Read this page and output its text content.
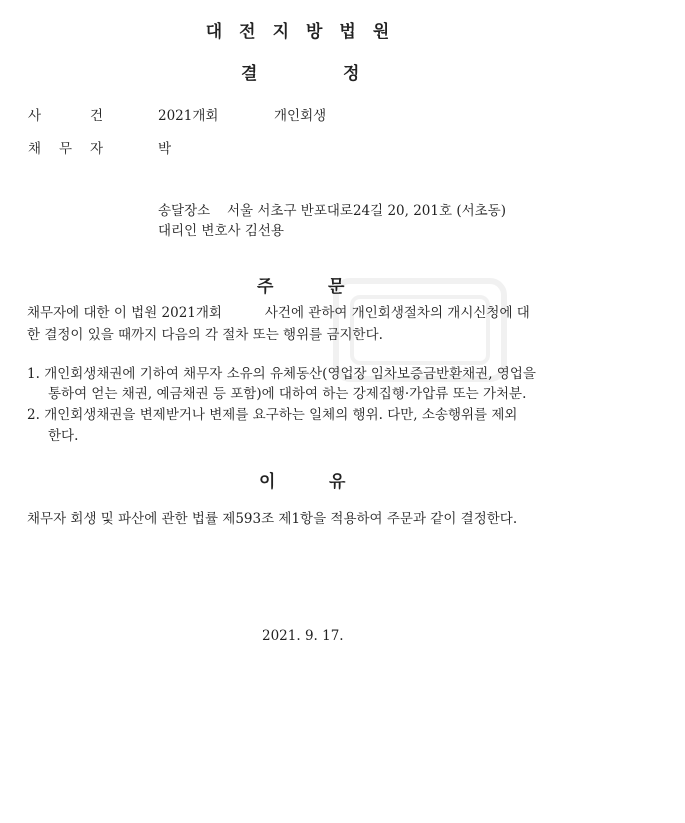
대전지방법원
결	정
사	건	2021개회	개인회생
채 무 자	박
송달장소 서울 서초구 반포대로24길 20, 201호 (서초동)
대리인 변호사 김선용
주	문
채무자에 대한 이 법원 2021개회          사건에 관하여 개인회생절차의 개시신청에 대
한 결정이 있을 때까지 다음의 각 절차 또는 행위를 금지한다.
1. 개인회생채권에 기하여 채무자 소유의 유체동산(영업장 임차보증금반환채권, 영업을
통하여 얻는 채권, 예금채권 등 포함)에 대하여 하는 강제집행·가압류 또는 가처분.
2. 개인회생채권을 변제받거나 변제를 요구하는 일체의 행위. 다만, 소송행위를 제외
한다.
이	유
채무자 회생 및 파산에 관한 법률 제593조 제1항을 적용하여 주문과 같이 결정한다.
2021. 9. 17.
